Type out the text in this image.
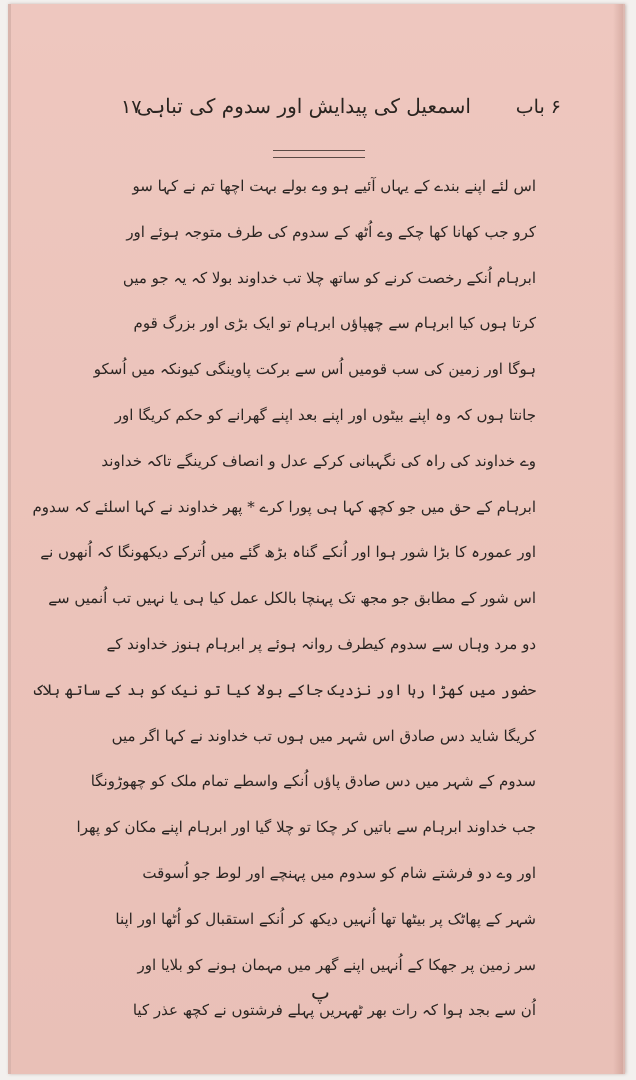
۶ باب
اسمعیل کی پیدایش اور سدوم کی تباہی
۱۷
اس لئے اپنے بندے کے یہاں آئیے ہو وے بولے بہت اچھا تم نے کہا سو
کرو جب کھانا کھا چکے وے اُٹھ کے سدوم کی طرف متوجہ ہوئے اور
ابرہام اُنکے رخصت کرنے کو ساتھ چلا تب خداوند بولا کہ یہ جو میں
کرتا ہوں کیا ابرہام سے چھپاؤں ابرہام تو ایک بڑی اور بزرگ قوم
ہوگا اور زمین کی سب قومیں اُس سے برکت پاوینگی کیونکہ میں اُسکو
جانتا ہوں کہ وہ اپنے بیٹوں اور اپنے بعد اپنے گھرانے کو حکم کریگا اور
وے خداوند کی راہ کی نگہبانی کرکے عدل و انصاف کرینگے تاکہ خداوند
ابرہام کے حق میں جو کچھ کہا ہی پورا کرے * پھر خداوند نے کہا اسلئے کہ سدوم
اور عمورہ کا بڑا شور ہوا اور اُنکے گناہ بڑھ گئے میں اُترکے دیکھونگا کہ اُنھوں نے
اس شور کے مطابق جو مجھ تک پہنچا بالکل عمل کیا ہی یا نہیں تب اُنمیں سے
دو مرد وہاں سے سدوم کیطرف روانہ ہوئے پر ابرہام ہنوز خداوند کے
حضور میں کھڑا رہا اور نزدیک جاکے بولا کیا تو نیک کو بد کے ساتھ ہلاک
کریگا شاید دس صادق اس شہر میں ہوں تب خداوند نے کہا اگر میں
سدوم کے شہر میں دس صادق پاؤں اُنکے واسطے تمام ملک کو چھوڑونگا
جب خداوند ابرہام سے باتیں کر چکا تو چلا گیا اور ابرہام اپنے مکان کو پھرا
اور وے دو فرشتے شام کو سدوم میں پہنچے اور لوط جو اُسوقت
شہر کے پھاٹک پر بیٹھا تھا اُنہیں دیکھ کر اُنکے استقبال کو اُٹھا اور اپنا
سر زمین پر جھکا کے اُنہیں اپنے گھر میں مہمان ہونے کو بلایا اور
اُن سے بجد ہوا کہ رات بھر ٹھہریں پہلے فرشتوں نے کچھ عذر کیا
پ
